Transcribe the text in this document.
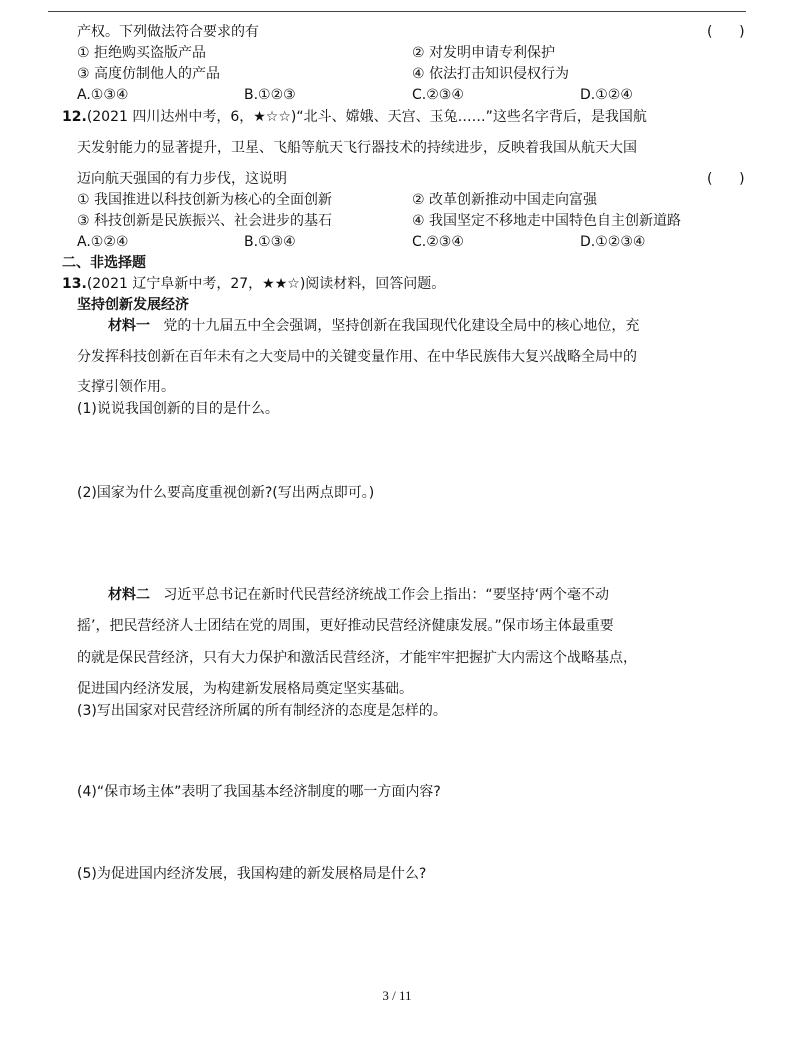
产权。下列做法符合要求的有	(      )
① 拒绝购买盗版产品	② 对发明申请专利保护
③ 高度仿制他人的产品	④ 依法打击知识侵权行为
A.①③④	B.①②③	C.②③④	D.①②④
12.(2021 四川达州中考，6，★☆☆)“北斗、嫦娥、天宫、玉兔……”这些名字背后，是我国航
天发射能力的显著提升，卫星、飞船等航天飞行器技术的持续进步，反映着我国从航天大国
迈向航天强国的有力步伐，这说明	(      )
① 我国推进以科技创新为核心的全面创新	② 改革创新推动中国走向富强
③ 科技创新是民族振兴、社会进步的基石	④ 我国坚定不移地走中国特色自主创新道路
A.①②④	B.①③④	C.②③④	D.①②③④
二、非选择题
13.(2021 辽宁阜新中考，27，★★☆)阅读材料，回答问题。
坚持创新发展经济
材料一 党的十九届五中全会强调，坚持创新在我国现代化建设全局中的核心地位，充
分发挥科技创新在百年未有之大变局中的关键变量作用、在中华民族伟大复兴战略全局中的
支撑引领作用。
(1)说说我国创新的目的是什么。
(2)国家为什么要高度重视创新?(写出两点即可。)
材料二 习近平总书记在新时代民营经济统战工作会上指出：“要坚持‘两个毫不动
摇’，把民营经济人士团结在党的周围，更好推动民营经济健康发展。”保市场主体最重要
的就是保民营经济，只有大力保护和激活民营经济，才能牢牢把握扩大内需这个战略基点，
促进国内经济发展，为构建新发展格局奠定坚实基础。
(3)写出国家对民营经济所属的所有制经济的态度是怎样的。
(4)“保市场主体”表明了我国基本经济制度的哪一方面内容?
(5)为促进国内经济发展，我国构建的新发展格局是什么?
3 / 11
